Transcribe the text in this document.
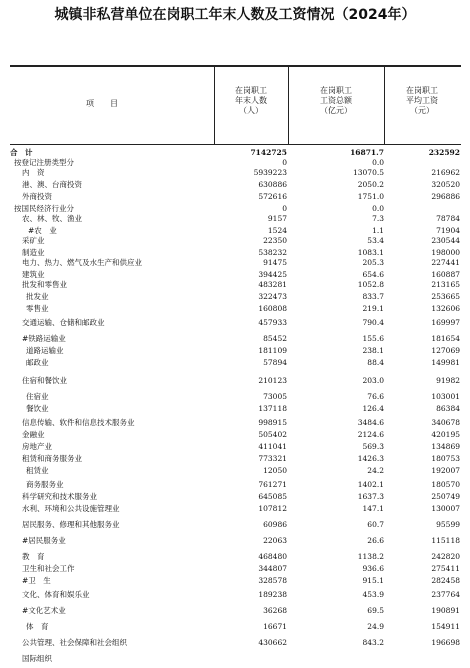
城镇非私营单位在岗职工年末人数及工资情况（2024年）
项　　目
在岗职工
年末人数
（人）
在岗职工
工资总额
（亿元）
在岗职工
平均工资
（元）
合　计	7142725	16871.7	232592
按登记注册类型分	0	0.0
内　资	5939223	13070.5	216962
港、澳、台商投资	630886	2050.2	320520
外商投资	572616	1751.0	296886
按国民经济行业分	0	0.0
农、林、牧、渔业	9157	7.3	78784
#农　业	1524	1.1	71904
采矿业	22350	53.4	230544
制造业	538232	1083.1	198000
电力、热力、燃气及水生产和供应业	91475	205.3	227441
建筑业	394425	654.6	160887
批发和零售业	483281	1052.8	213165
批发业	322473	833.7	253665
零售业	160808	219.1	132606
交通运输、仓储和邮政业	457933	790.4	169997
#铁路运输业	85452	155.6	181654
道路运输业	181109	238.1	127069
邮政业	57894	88.4	149981
住宿和餐饮业	210123	203.0	91982
住宿业	73005	76.6	103001
餐饮业	137118	126.4	86384
信息传输、软件和信息技术服务业	998915	3484.6	340678
金融业	505402	2124.6	420195
房地产业	411041	569.3	134869
租赁和商务服务业	773321	1426.3	180753
租赁业	12050	24.2	192007
商务服务业	761271	1402.1	180570
科学研究和技术服务业	645085	1637.3	250749
水利、环境和公共设施管理业	107812	147.1	130007
居民服务、修理和其他服务业	60986	60.7	95599
#居民服务业	22063	26.6	115118
教　育	468480	1138.2	242820
卫生和社会工作	344807	936.6	275411
#卫　生	328578	915.1	282458
文化、体育和娱乐业	189238	453.9	237764
#文化艺术业	36268	69.5	190891
体　育	16671	24.9	154911
公共管理、社会保障和社会组织	430662	843.2	196698
国际组织
